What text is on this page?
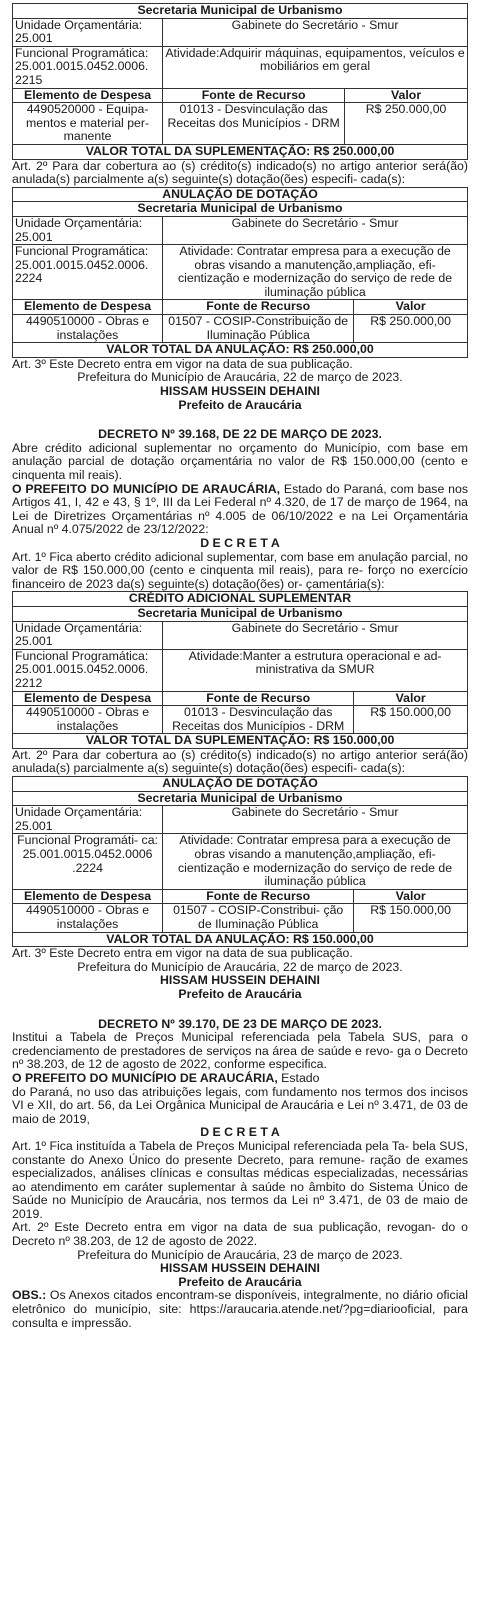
Secretaria Municipal de Urbanismo		
Unidade Orçamentária: 25.001	Gabinete do Secretário - Smur	
Funcional Programática: 25.001.0015.0452.0006. 2215	Atividade:Adquirir máquinas, equipamentos, veículos e mobiliários em geral	
Elemento de Despesa	Fonte de Recurso	Valor
4490520000 - Equipa- mentos e material per- manente	01013 - Desvinculação das Receitas dos Municípios - DRM	R$ 250.000,00
VALOR TOTAL DA SUPLEMENTAÇÃO: R$ 250.000,00		

Art. 2º Para dar cobertura ao (s) crédito(s) indicado(s) no artigo anterior será(ão) anulada(s) parcialmente a(s) seguinte(s) dotação(ões) especifi- cada(s):

ANULAÇÃO DE DOTAÇÃO		
Secretaria Municipal de Urbanismo		
Unidade Orçamentária: 25.001	Gabinete do Secretário - Smur	
Funcional Programática: 25.001.0015.0452.0006. 2224	Atividade: Contratar empresa para a execução de obras visando a manutenção,ampliação, efi- cientização e modernização do serviço de rede de iluminação pública	
Elemento de Despesa	Fonte de Recurso	Valor
4490510000 - Obras e instalações	01507 - COSIP-Constribuição de Iluminação Pública	R$ 250.000,00
VALOR TOTAL DA ANULAÇÃO: R$ 250.000,00		

Art. 3º Este Decreto entra em vigor na data de sua publicação.

Prefeitura do Município de Araucária, 22 de março de 2023.
HISSAM HUSSEIN DEHAINI
Prefeito de Araucária
DECRETO Nº 39.168, DE 22 DE MARÇO DE 2023.

Abre crédito adicional suplementar no orçamento do Município, com base em anulação parcial de dotação orçamentária no valor de R$ 150.000,00 (cento e cinquenta mil reais).

O PREFEITO DO MUNICÍPIO DE ARAUCÁRIA, Estado do Paraná, com base nos Artigos 41, I, 42 e 43, § 1º, III da Lei Federal nº 4.320, de 17 de março de 1964, na Lei de Diretrizes Orçamentárias nº 4.005 de 06/10/2022 e na Lei Orçamentária Anual nº 4.075/2022 de 23/12/2022:

D E C R E T A

Art. 1º Fica aberto crédito adicional suplementar, com base em anulação parcial, no valor de R$ 150.000,00 (cento e cinquenta mil reais), para re- forço no exercício financeiro de 2023 da(s) seguinte(s) dotação(ões) or- çamentária(s):

CRÉDITO ADICIONAL SUPLEMENTAR		
Secretaria Municipal de Urbanismo		
Unidade Orçamentária: 25.001	Gabinete do Secretário - Smur	
Funcional Programática: 25.001.0015.0452.0006. 2212	Atividade:Manter a estrutura operacional e ad- ministrativa da SMUR	
Elemento de Despesa	Fonte de Recurso	Valor
4490510000 - Obras e instalações	01013 - Desvinculação das Receitas dos Municípios - DRM	R$ 150.000,00
VALOR TOTAL DA SUPLEMENTAÇÃO: R$ 150.000,00		

Art. 2º Para dar cobertura ao (s) crédito(s) indicado(s) no artigo anterior será(ão) anulada(s) parcialmente a(s) seguinte(s) dotação(ões) especifi- cada(s):

ANULAÇÃO DE DOTAÇÃO		
Secretaria Municipal de Urbanismo		
Unidade Orçamentária: 25.001	Gabinete do Secretário - Smur	
Funcional Programáti- ca: 25.001.0015.0452.0006 .2224	Atividade: Contratar empresa para a execução de obras visando a manutenção,ampliação, efi- cientização e modernização do serviço de rede de iluminação pública	
Elemento de Despesa	Fonte de Recurso	Valor
4490510000 - Obras e instalações	01507 - COSIP-Constribui- ção de Iluminação Pública	R$ 150.000,00
VALOR TOTAL DA ANULAÇÃO: R$ 150.000,00		

Art. 3º Este Decreto entra em vigor na data de sua publicação.

Prefeitura do Município de Araucária, 22 de março de 2023.
HISSAM HUSSEIN DEHAINI
Prefeito de Araucária
DECRETO Nº 39.170, DE 23 DE MARÇO DE 2023.

Institui a Tabela de Preços Municipal referenciada pela Tabela SUS, para o credenciamento de prestadores de serviços na área de saúde e revo- ga o Decreto nº 38.203, de 12 de agosto de 2022, conforme especifica.

O PREFEITO DO MUNICÍPIO DE ARAUCÁRIA, Estado
do Paraná, no uso das atribuições legais, com fundamento nos termos dos incisos VI e XII, do art. 56, da Lei Orgânica Municipal de Araucária e Lei nº 3.471, de 03 de maio de 2019,

D E C R E T A

Art. 1º Fica instituída a Tabela de Preços Municipal referenciada pela Ta- bela SUS, constante do Anexo Único do presente Decreto, para remune- ração de exames especializados, análises clínicas e consultas médicas especializadas, necessárias ao atendimento em caráter suplementar à saúde no âmbito do Sistema Único de Saúde no Município de Araucária, nos termos da Lei nº 3.471, de 03 de maio de 2019.

Art. 2º Este Decreto entra em vigor na data de sua publicação, revogan- do o Decreto nº 38.203, de 12 de agosto de 2022.

Prefeitura do Município de Araucária, 23 de março de 2023.
HISSAM HUSSEIN DEHAINI
Prefeito de Araucária

OBS.: Os Anexos citados encontram-se disponíveis, integralmente, no diário oficial eletrônico do município, site: https://araucaria.atende.net/?pg=diariooficial, para consulta e impressão.
